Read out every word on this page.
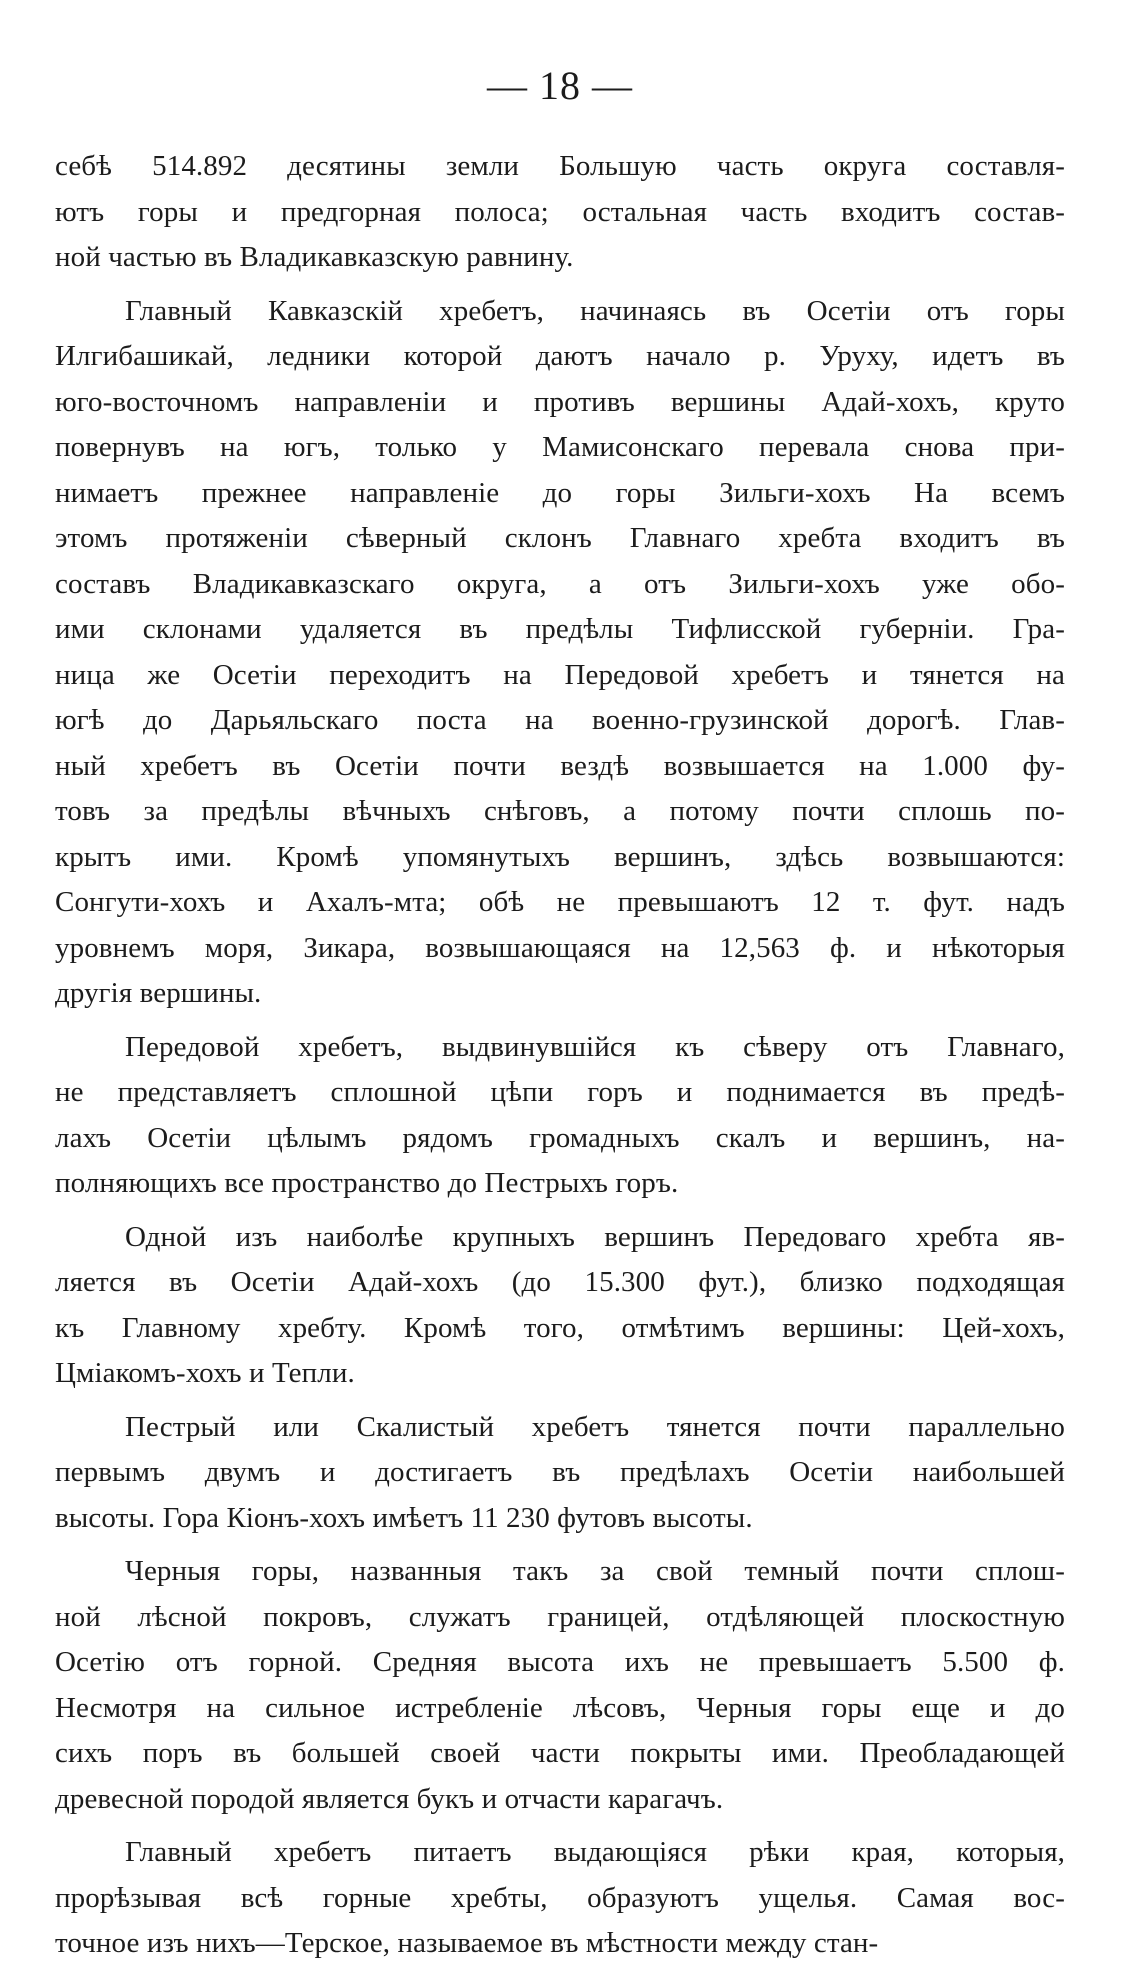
— 18 —
себѣ 514.892 десятины земли Большую часть округа составля-
ютъ горы и предгорная полоса; остальная часть входитъ состав-
ной частью въ Владикавказскую равнину.
Главный Кавказскій хребетъ, начинаясь въ Осетіи отъ горы
Илгибашикай, ледники которой даютъ начало р. Уруху, идетъ въ
юго-восточномъ направленіи и противъ вершины Адай-хохъ, круто
повернувъ на югъ, только у Мамисонскаго перевала снова при-
нимаетъ прежнее направленіе до горы Зильги-хохъ На всемъ
этомъ протяженіи сѣверный склонъ Главнаго хребта входитъ въ
составъ Владикавказскаго округа, а отъ Зильги-хохъ уже обо-
ими склонами удаляется въ предѣлы Тифлисской губерніи. Гра-
ница же Осетіи переходитъ на Передовой хребетъ и тянется на
югѣ до Дарьяльскаго поста на военно-грузинской дорогѣ. Глав-
ный хребетъ въ Осетіи почти вездѣ возвышается на 1.000 фу-
товъ за предѣлы вѣчныхъ снѣговъ, а потому почти сплошь по-
крытъ ими. Кромѣ упомянутыхъ вершинъ, здѣсь возвышаются:
Сонгути-хохъ и Ахалъ-мта; обѣ не превышаютъ 12 т. фут. надъ
уровнемъ моря, Зикара, возвышающаяся на 12,563 ф. и нѣкоторыя
другія вершины.
Передовой хребетъ, выдвинувшійся къ сѣверу отъ Главнаго,
не представляетъ сплошной цѣпи горъ и поднимается въ предѣ-
лахъ Осетіи цѣлымъ рядомъ громадныхъ скалъ и вершинъ, на-
полняющихъ все пространство до Пестрыхъ горъ.
Одной изъ наиболѣе крупныхъ вершинъ Передоваго хребта яв-
ляется въ Осетіи Адай-хохъ (до 15.300 фут.), близко подходящая
къ Главному хребту. Кромѣ того, отмѣтимъ вершины: Цей-хохъ,
Цміакомъ-хохъ и Тепли.
Пестрый или Скалистый хребетъ тянется почти параллельно
первымъ двумъ и достигаетъ въ предѣлахъ Осетіи наибольшей
высоты. Гора Кіонъ-хохъ имѣетъ 11 230 футовъ высоты.
Черныя горы, названныя такъ за свой темный почти сплош-
ной лѣсной покровъ, служатъ границей, отдѣляющей плоскостную
Осетію отъ горной. Средняя высота ихъ не превышаетъ 5.500 ф.
Несмотря на сильное истребленіе лѣсовъ, Черныя горы еще и до
сихъ поръ въ большей своей части покрыты ими. Преобладающей
древесной породой является букъ и отчасти карагачъ.
Главный хребетъ питаетъ выдающіяся рѣки края, которыя,
прорѣзывая всѣ горные хребты, образуютъ ущелья. Самая вос-
точное изъ нихъ—Терское, называемое въ мѣстности между стан-
